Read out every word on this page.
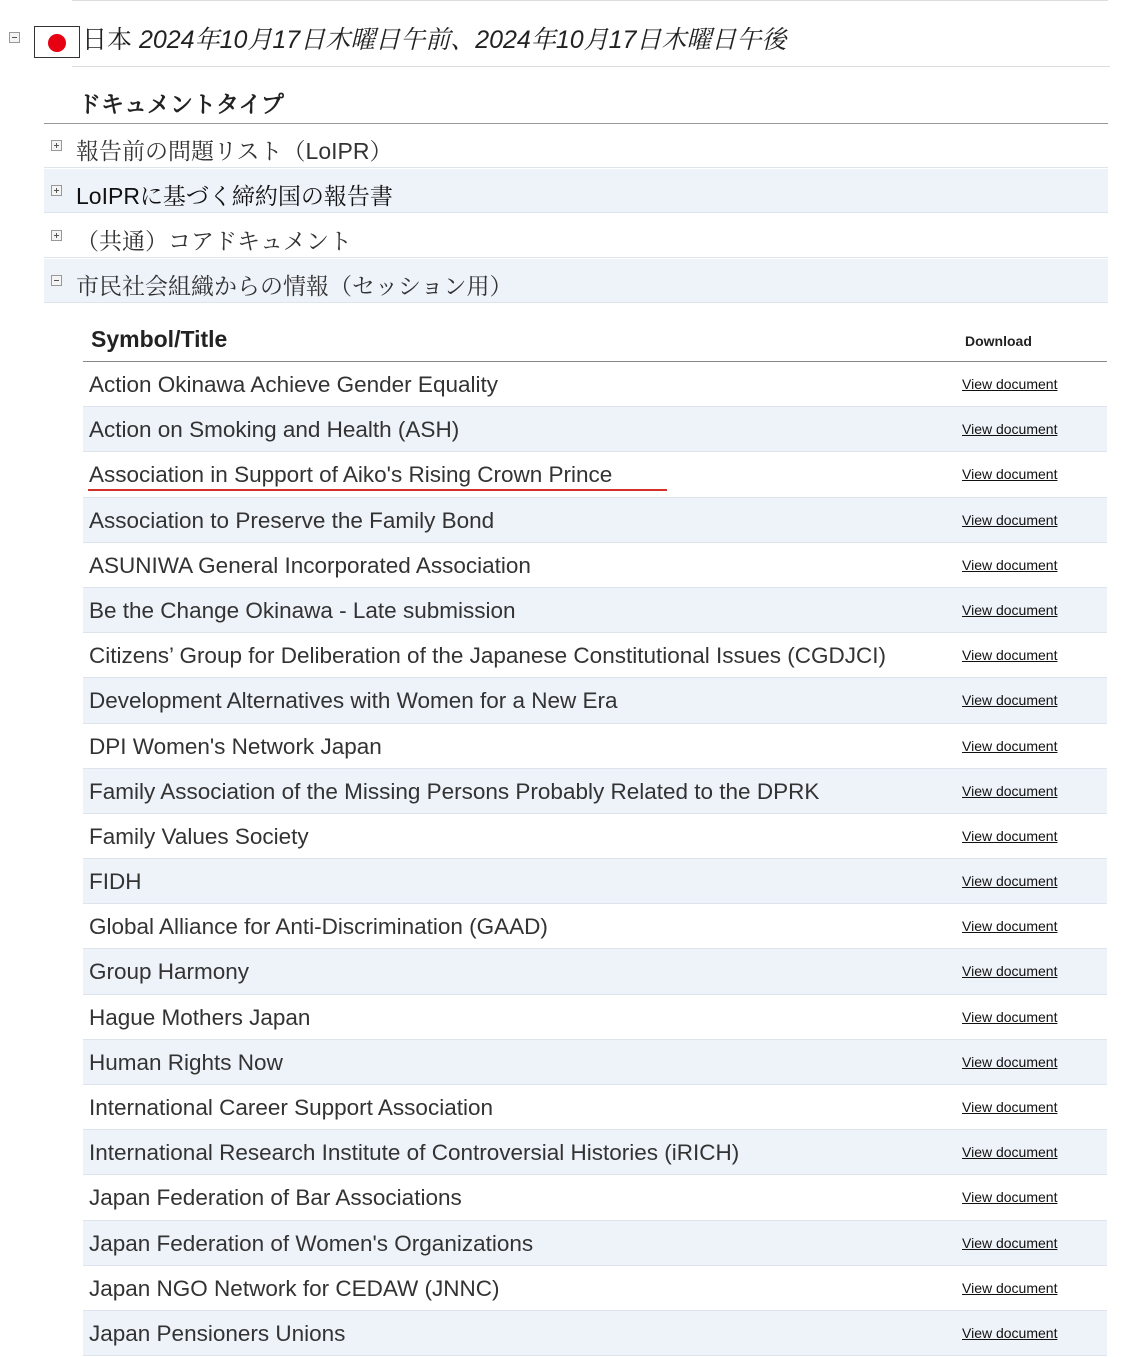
日本 2024年10月17日木曜日午前、2024年10月17日木曜日午後
ドキュメントタイプ
報告前の問題リスト（LoIPR）
LoIPRに基づく締約国の報告書
（共通）コアドキュメント
市民社会組織からの情報（セッション用）
Symbol/Title	Download
Action Okinawa Achieve Gender Equality	View document
Action on Smoking and Health (ASH)	View document
Association in Support of Aiko's Rising Crown Prince	View document
Association to Preserve the Family Bond	View document
ASUNIWA General Incorporated Association	View document
Be the Change Okinawa - Late submission	View document
Citizens’ Group for Deliberation of the Japanese Constitutional Issues (CGDJCI)	View document
Development Alternatives with Women for a New Era	View document
DPI Women's Network Japan	View document
Family Association of the Missing Persons Probably Related to the DPRK	View document
Family Values Society	View document
FIDH	View document
Global Alliance for Anti-Discrimination (GAAD)	View document
Group Harmony	View document
Hague Mothers Japan	View document
Human Rights Now	View document
International Career Support Association	View document
International Research Institute of Controversial Histories (iRICH)	View document
Japan Federation of Bar Associations	View document
Japan Federation of Women's Organizations	View document
Japan NGO Network for CEDAW (JNNC)	View document
Japan Pensioners Unions	View document
